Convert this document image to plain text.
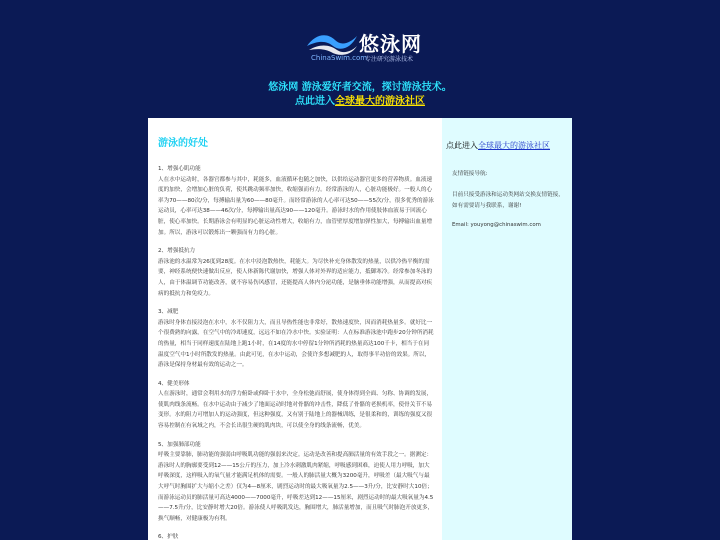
悠泳网
ChinaSwim.com
专注研究游泳技术
悠泳网 游泳爱好者交流，探讨游泳技术。
点此进入全球最大的游泳社区
游泳的好处
1、增强心肌功能

人在水中运动时，各器官都参与其中，耗能多，血液循环也随之加快，以供给运动器官更多的营养物质。血液速度的加快，会增加心脏的负荷，使其跳动频率加快，收缩强而有力。经常游泳的人，心脏功能极好。一般人的心率为70——80次/分，每搏输出量为60——80毫升。而经常游泳的人心率可达50——55次/分，很多优秀的游泳运动员，心率可达38——46次/分，每搏输出量高达90——120毫升。游泳时水的作用使肢体血液易于回流心脏，使心率加快。长期游泳会有明显的心脏运动性增大，收缩有力，血管壁厚度增加弹性加大，每搏输出血量增加。所以，游泳可以锻炼出一颗强而有力的心脏。

2、增强抵抗力

游泳池的水温常为26度到28度。在水中浸泡散热快，耗能大。为尽快补充身体散发的热量，以供冷热平衡的需要，神经系统便快速做出反应，使人体新陈代谢加快，增强人体对外界的适应能力，抵御寒冷。经常参加冬泳的人，由于体温调节功能改善，就不容易伤风感冒，还能提高人体内分泌功能，是脑垂体功能增强，从而提高对疾病的抵抗力和免疫力。

3、减肥

游泳时身体直接浸泡在水中，水不仅阻力大，而且导热性能也非常好，散热速度快，因而消耗热量多。就好比一个很费熟的向露，在空气中的冷却速度，远远不如在冷水中快。实验证明：人在标准游泳池中跑步20分钟所消耗的热量，相当于同样速度在陆地上跑1小时，在14度的水中停留1分钟所消耗的热量高达100千卡，相当于在同温度空气中1小时所散发的热量。由此可见，在水中运动，会使许多想减肥的人，取得事半功倍的效果。所以，游泳是保持身材最有效的运动之一。

4、健美形体

人在游泳时，通常会利用水的浮力俯卧或仰卧于水中，全身松弛而舒展，使身体得到全面、匀称、协调的发展，使肌肉线条流畅。在水中运动由于减少了地面运动时地对骨骼的冲击性，降低了骨骼的老损机率，使骨关节不易变形。水的阻力可增加人的运动强度，但这种强度，又有别于陆地上的器械训练，是很柔和的，训练的强度又很容易控制在有氧域之内，不会长出很生硬的肌肉块，可以使全身的线条流畅，优美。

5、加强肺部功能

呼吸主要靠肺，肺功能的强弱由呼吸肌功能的强弱来决定。运动是改善和提高肺活量的有效手段之一。据测定：游泳时人的胸廓要受到12——15公斤的压力，加上冷水刺激肌肉紧缩，呼吸感到困难，迫使人用力呼吸，加大呼吸深度，这样吸入的氧气量才能满足机体的需要。一般人的肺活量大概为3200毫升，呼吸差（最大吸气与最大呼气时胸围扩大与缩小之差）仅为4—8厘米，剧烈运动时的最大吸氧量为2.5——3升/分，比安静时大10倍；而游泳运动员的肺活量可高达4000——7000毫升，呼吸差达到12——15厘米，剧烈运动时的最大吸氧量为4.5——7.5升/分，比安静时增大20倍。游泳使人呼吸肌发达，胸围增大，肺活量增加，而且吸气时肺泡开放更多，换气顺畅，对健康极为有利。

6、护肤

点此进入全球最大的游泳社区
友情链接导航:
目前只接受游泳和运动类网站交换友情链接，如有需要请与我联系，谢谢!
Email: youyong@chinaswim.com
